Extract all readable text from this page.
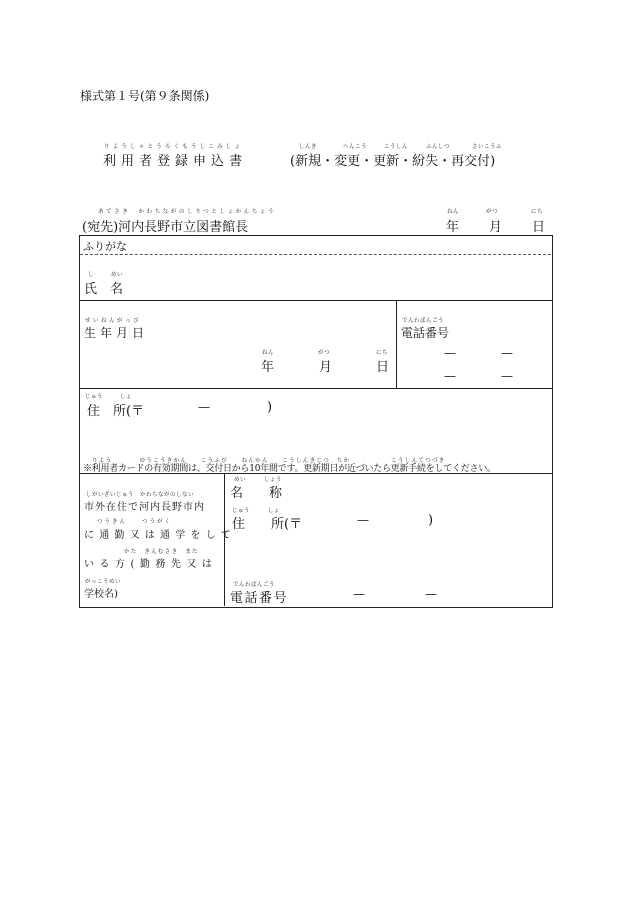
様式第１号(第９条関係)
りようしゃとうろくもうしこみしょ
利用者登録申込書
しんき	へんこう	こうしん	ふんしつ	さいこうふ
(新規・変更・更新・紛失・再交付)
あてさき　かわちながのしりつとしょかんちょう
(宛先)河内長野市立図書館長
ねん	がつ	にち
年 月 日
ふりがな
し	めい
氏　名
せいねんがっぴ
生年月日
ねん	がつ	にち
年	月	日
でんわばんごう
電話番号
—	—
—	—
じゅう	しょ
住　所(〒	—	)
りよう　　　　ゆうこうきかん　　こうふび　　ねんかん　　こうしんきじつ　ちか　　　　　　こうしんてつづき
※利用者カードの有効期間は、交付日から10年間です。更新期日が近づいたら更新手続をしてください。
しがいざいじゅう　かわちながのしない
市外在住で河内長野市内
つうきん　　つうがく
に通勤又は通学をして
かた　きんむさき　また
いる方(勤務先又は
がっこうめい
学校名)
めい　　　しょう
名　　称
じゅう　　　しょ
住　　所(〒	—	)
でんわばんごう
電話番号	—	—
